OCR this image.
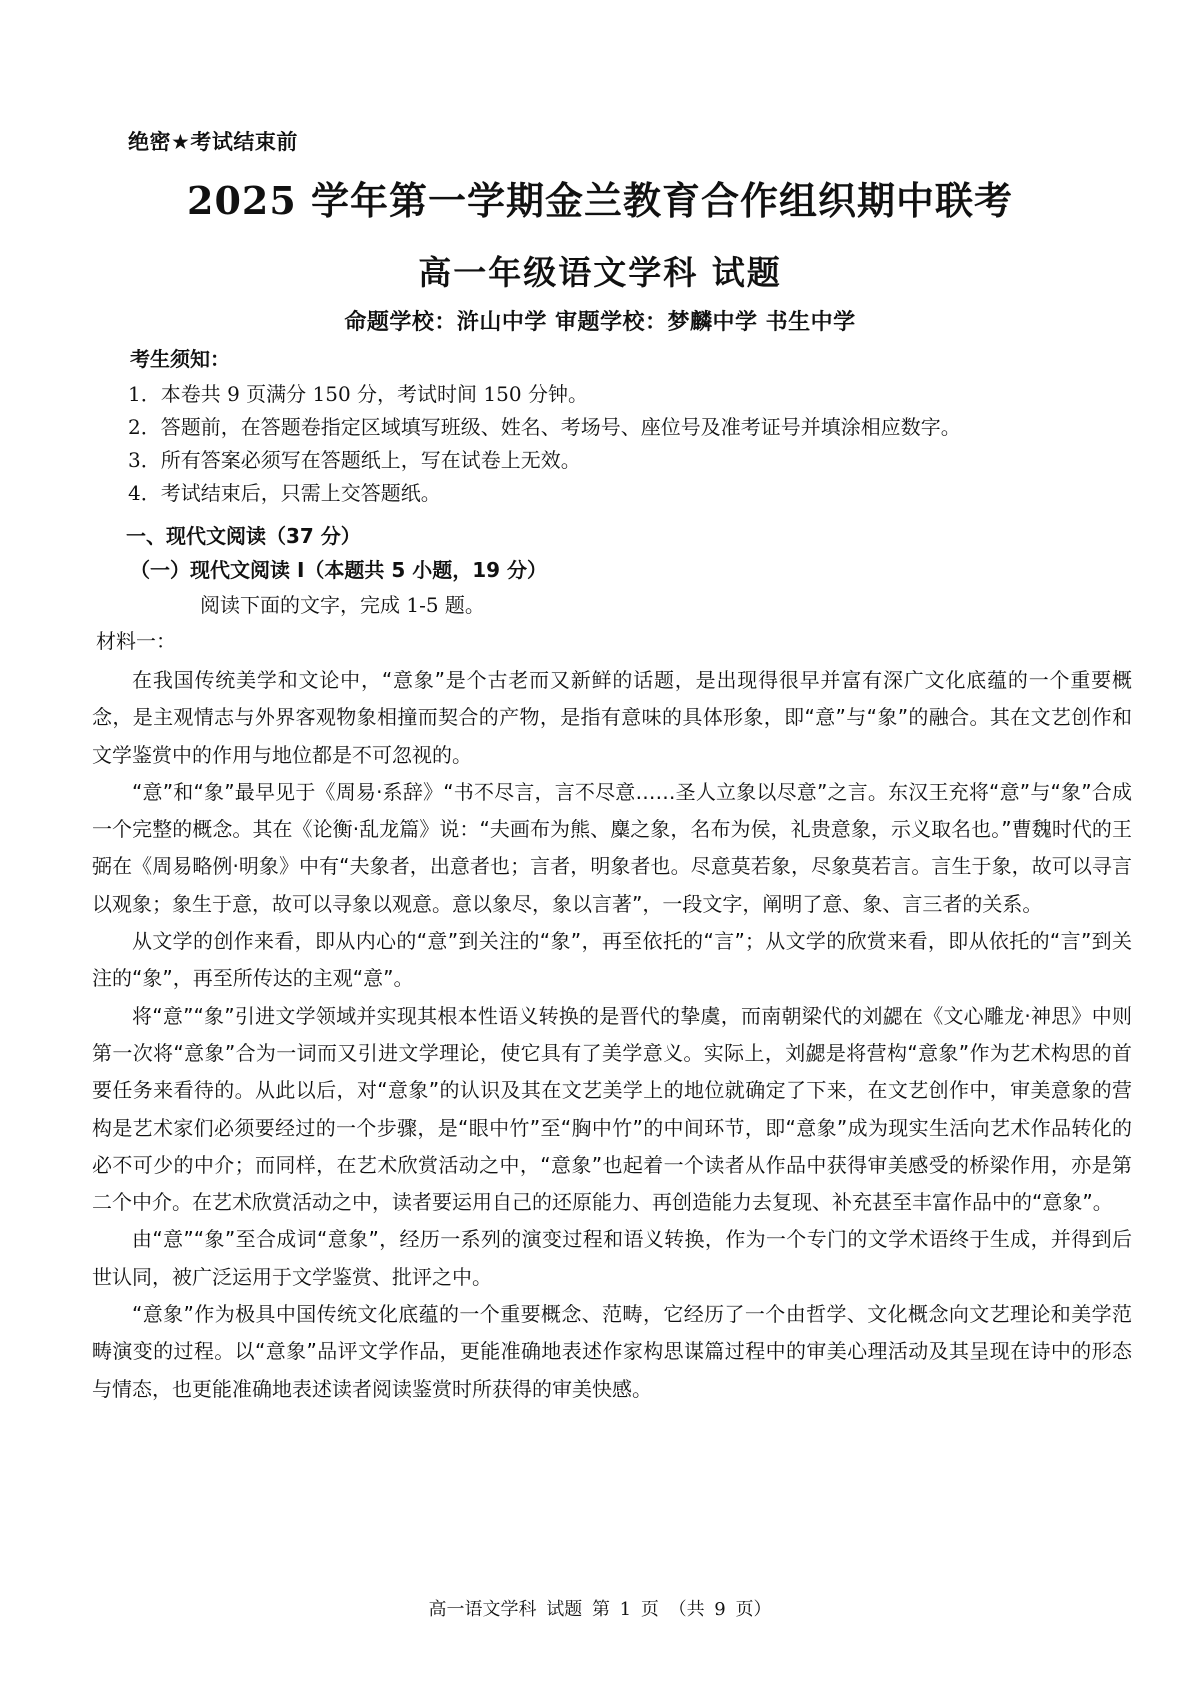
绝密★考试结束前
2025 学年第一学期金兰教育合作组织期中联考
高一年级语文学科 试题
命题学校：浒山中学 审题学校：梦麟中学 书生中学
考生须知：
1．本卷共 9 页满分 150 分，考试时间 150 分钟。
2．答题前，在答题卷指定区域填写班级、姓名、考场号、座位号及准考证号并填涂相应数字。
3．所有答案必须写在答题纸上，写在试卷上无效。
4．考试结束后，只需上交答题纸。
一、现代文阅读（37 分）
（一）现代文阅读 I（本题共 5 小题，19 分）
阅读下面的文字，完成 1-5 题。
材料一：

在我国传统美学和文论中，“意象”是个古老而又新鲜的话题，是出现得很早并富有深广文化底蕴的一个重要概念，是主观情志与外界客观物象相撞而契合的产物，是指有意味的具体形象，即“意”与“象”的融合。其在文艺创作和文学鉴赏中的作用与地位都是不可忽视的。

“意”和“象”最早见于《周易·系辞》“书不尽言，言不尽意……圣人立象以尽意”之言。东汉王充将“意”与“象”合成一个完整的概念。其在《论衡·乱龙篇》说：“夫画布为熊、麋之象，名布为侯，礼贵意象，示义取名也。”曹魏时代的王弼在《周易略例·明象》中有“夫象者，出意者也；言者，明象者也。尽意莫若象，尽象莫若言。言生于象，故可以寻言以观象；象生于意，故可以寻象以观意。意以象尽，象以言著”，一段文字，阐明了意、象、言三者的关系。

从文学的创作来看，即从内心的“意”到关注的“象”，再至依托的“言”；从文学的欣赏来看，即从依托的“言”到关注的“象”，再至所传达的主观“意”。

将“意”“象”引进文学领域并实现其根本性语义转换的是晋代的挚虞，而南朝梁代的刘勰在《文心雕龙·神思》中则第一次将“意象”合为一词而又引进文学理论，使它具有了美学意义。实际上，刘勰是将营构“意象”作为艺术构思的首要任务来看待的。从此以后，对“意象”的认识及其在文艺美学上的地位就确定了下来，在文艺创作中，审美意象的营构是艺术家们必须要经过的一个步骤，是“眼中竹”至“胸中竹”的中间环节，即“意象”成为现实生活向艺术作品转化的必不可少的中介；而同样，在艺术欣赏活动之中，“意象”也起着一个读者从作品中获得审美感受的桥梁作用，亦是第二个中介。在艺术欣赏活动之中，读者要运用自己的还原能力、再创造能力去复现、补充甚至丰富作品中的“意象”。

由“意”“象”至合成词“意象”，经历一系列的演变过程和语义转换，作为一个专门的文学术语终于生成，并得到后世认同，被广泛运用于文学鉴赏、批评之中。

“意象”作为极具中国传统文化底蕴的一个重要概念、范畴，它经历了一个由哲学、文化概念向文艺理论和美学范畴演变的过程。以“意象”品评文学作品，更能准确地表述作家构思谋篇过程中的审美心理活动及其呈现在诗中的形态与情态，也更能准确地表述读者阅读鉴赏时所获得的审美快感。

高一语文学科 试题 第 1 页 （共 9 页）
